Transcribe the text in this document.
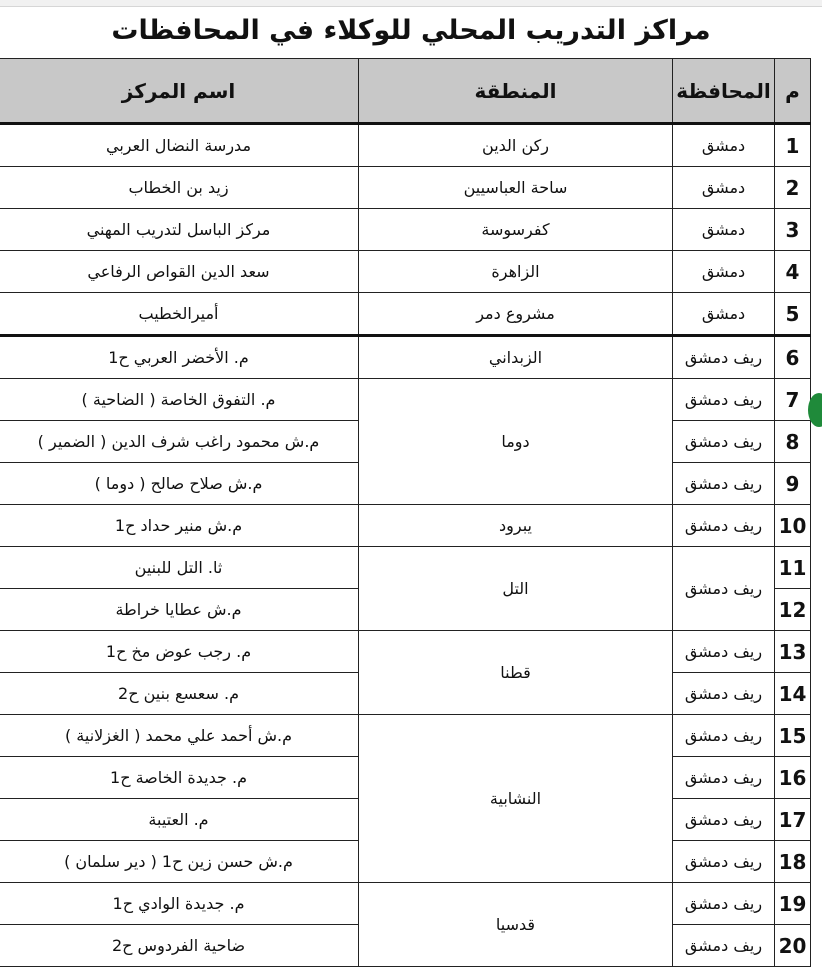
مراكز التدريب المحلي للوكلاء في المحافظات
م	المحافظة	المنطقة	اسم المركز
1	دمشق	ركن الدين	مدرسة النضال العربي
2	دمشق	ساحة العباسيين	زيد بن الخطاب
3	دمشق	كفرسوسة	مركز الباسل لتدريب المهني
4	دمشق	الزاهرة	سعد الدين القواص الرفاعي
5	دمشق	مشروع دمر	أميرالخطيب
6	ريف دمشق	الزبداني	م. الأخضر العربي ح1
7	ريف دمشق	دوما	م. التفوق الخاصة ( الضاحية )
8	ريف دمشق		م.ش محمود راغب شرف الدين ( الضمير )
9	ريف دمشق		م.ش صلاح صالح ( دوما )
10	ريف دمشق	يبرود	م.ش منير حداد ح1
11	ريف دمشق	التل	ثا. التل للبنين
12			م.ش عطايا خراطة
13	ريف دمشق	قطنا	م. رجب عوض مخ ح1
14	ريف دمشق		م. سعسع بنين ح2
15	ريف دمشق	النشابية	م.ش أحمد علي محمد ( الغزلانية )
16	ريف دمشق		م. جديدة الخاصة ح1
17	ريف دمشق		م. العتيبة
18	ريف دمشق		م.ش حسن زين ح1 ( دير سلمان )
19	ريف دمشق	قدسيا	م. جديدة الوادي ح1
20	ريف دمشق		ضاحية الفردوس ح2
